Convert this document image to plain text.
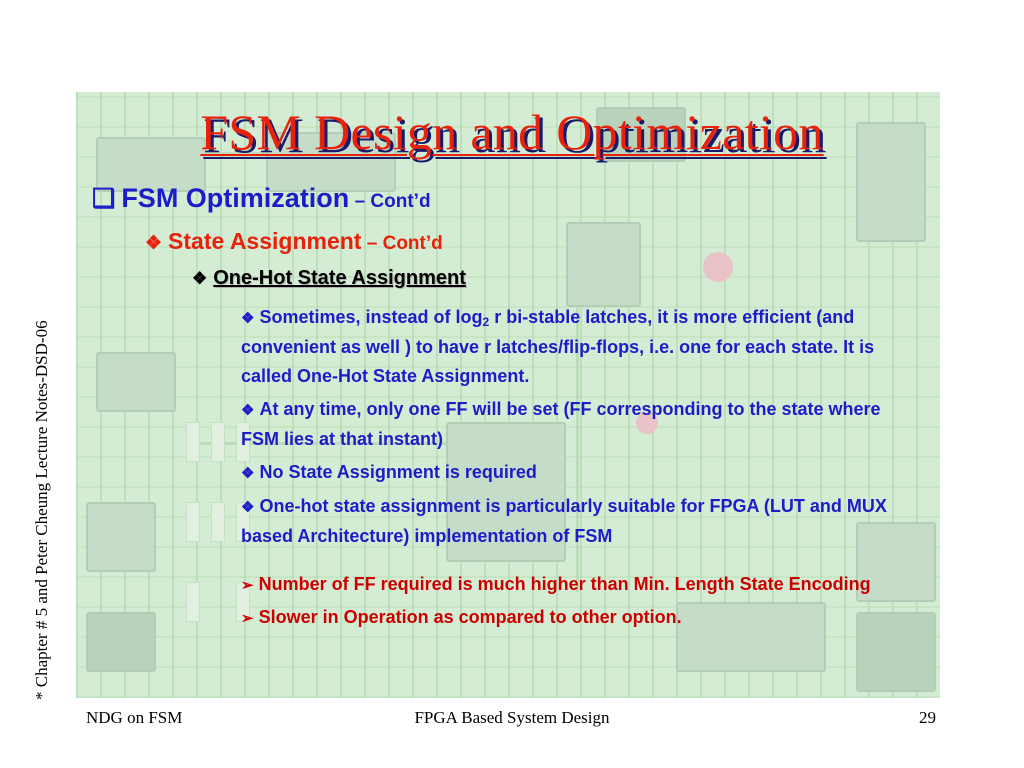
FSM Design and Optimization
❑ FSM Optimization – Cont’d
❖ State Assignment – Cont’d
❖ One-Hot State Assignment
❖ Sometimes, instead of $\log_2 r$ bi-stable latches, it is more efficient (and convenient as well ) to have r latches/flip-flops, i.e. one for each state. It is called One-Hot State Assignment.
❖ At any time, only one FF will be set (FF corresponding to the state where FSM lies at that instant)
❖ No State Assignment is required
❖ One-hot state assignment is particularly suitable for FPGA (LUT and MUX based Architecture) implementation of FSM
➢ Number of FF required is much higher than Min. Length State Encoding
➢ Slower in Operation as compared to other option.
* Chapter # 5 and Peter Cheung Lecture Notes-DSD-06
NDG on FSM	FPGA Based System Design	29
